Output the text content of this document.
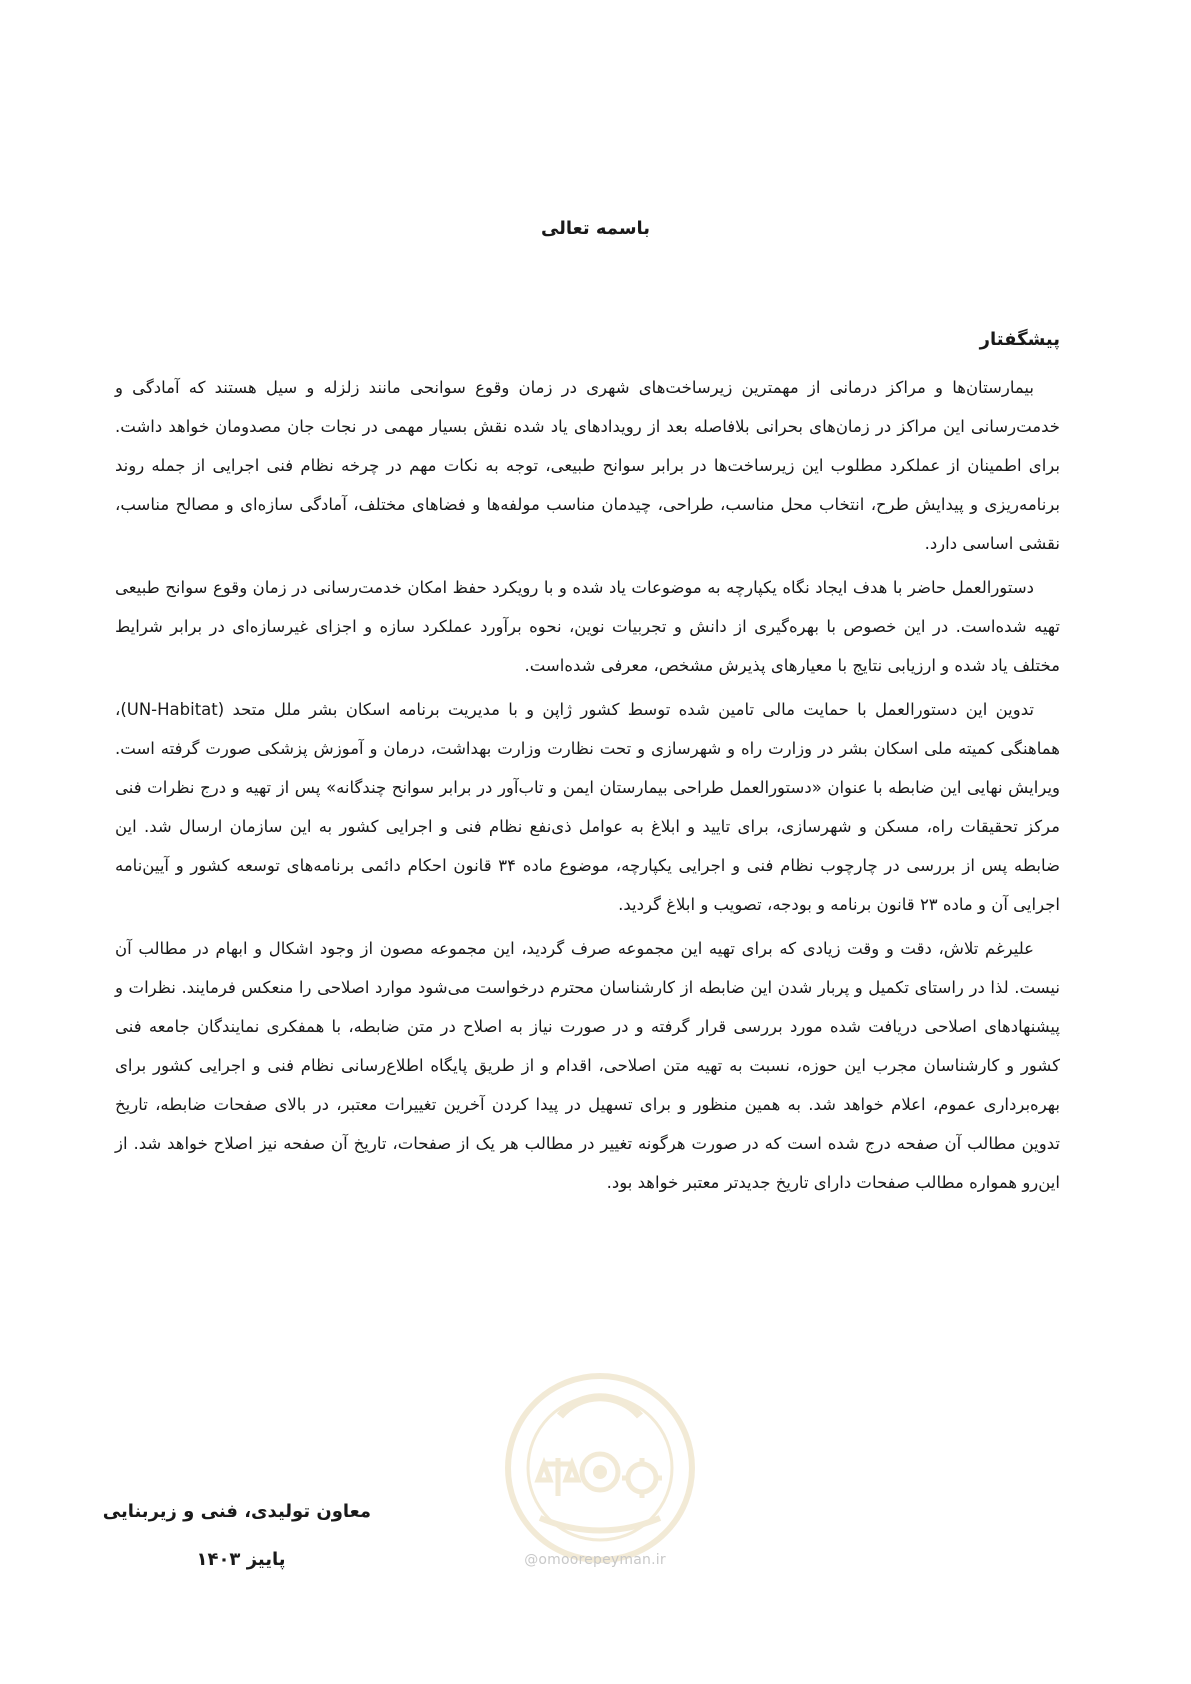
@omoorepeyman.ir
باسمه تعالی
پیشگفتار

بیمارستان‌ها و مراکز درمانی از مهمترین زیرساخت‌های شهری در زمان وقوع سوانحی مانند زلزله و سیل هستند که آمادگی و خدمت‌رسانی این مراکز در زمان‌های بحرانی بلافاصله بعد از رویدادهای یاد شده نقش بسیار مهمی در نجات جان مصدومان خواهد داشت. برای اطمینان از عملکرد مطلوب این زیرساخت‌ها در برابر سوانح طبیعی، توجه به نکات مهم در چرخه نظام فنی اجرایی از جمله روند برنامه‌ریزی و پیدایش طرح، انتخاب محل مناسب، طراحی، چیدمان مناسب مولفه‌ها و فضاهای مختلف، آمادگی سازه‌ای و مصالح مناسب، نقشی اساسی دارد.

دستورالعمل حاضر با هدف ایجاد نگاه یکپارچه به موضوعات یاد شده و با رویکرد حفظ امکان خدمت‌رسانی در زمان وقوع سوانح طبیعی تهیه شده‌است. در این خصوص با بهره‌گیری از دانش و تجربیات نوین، نحوه برآورد عملکرد سازه و اجزای غیرسازه‌ای در برابر شرایط مختلف یاد شده و ارزیابی نتایج با معیارهای پذیرش مشخص، معرفی شده‌است.

تدوین این دستورالعمل با حمایت مالی تامین شده توسط کشور ژاپن و با مدیریت برنامه اسکان بشر ملل متحد (UN-Habitat)، هماهنگی کمیته ملی اسکان بشر در وزارت راه و شهرسازی و تحت نظارت وزارت بهداشت، درمان و آموزش پزشکی صورت گرفته است. ویرایش نهایی این ضابطه با عنوان «دستورالعمل طراحی بیمارستان ایمن و تاب‌آور در برابر سوانح چندگانه» پس از تهیه و درج نظرات فنی مرکز تحقیقات راه، مسکن و شهرسازی، برای تایید و ابلاغ به عوامل ذی‌نفع نظام فنی و اجرایی کشور به این سازمان ارسال شد. این ضابطه پس از بررسی در چارچوب نظام فنی و اجرایی یکپارچه، موضوع ماده ۳۴ قانون احکام دائمی برنامه‌های توسعه کشور و آیین‌نامه اجرایی آن و ماده ۲۳ قانون برنامه و بودجه، تصویب و ابلاغ گردید.

علیرغم تلاش، دقت و وقت زیادی که برای تهیه این مجموعه صرف گردید، این مجموعه مصون از وجود اشکال و ابهام در مطالب آن نیست. لذا در راستای تکمیل و پربار شدن این ضابطه از کارشناسان محترم درخواست می‌شود موارد اصلاحی را منعکس فرمایند. نظرات و پیشنهادهای اصلاحی دریافت شده مورد بررسی قرار گرفته و در صورت نیاز به اصلاح در متن ضابطه، با همفکری نمایندگان جامعه فنی کشور و کارشناسان مجرب این حوزه، نسبت به تهیه متن اصلاحی، اقدام و از طریق پایگاه اطلاع‌رسانی نظام فنی و اجرایی کشور برای بهره‌برداری عموم، اعلام خواهد شد. به همین منظور و برای تسهیل در پیدا کردن آخرین تغییرات معتبر، در بالای صفحات ضابطه، تاریخ تدوین مطالب آن صفحه درج شده است که در صورت هرگونه تغییر در مطالب هر یک از صفحات، تاریخ آن صفحه نیز اصلاح خواهد شد. از این‌رو همواره مطالب صفحات دارای تاریخ جدیدتر معتبر خواهد بود.

معاون تولیدی، فنی و زیربنایی
پاییز ۱۴۰۳
